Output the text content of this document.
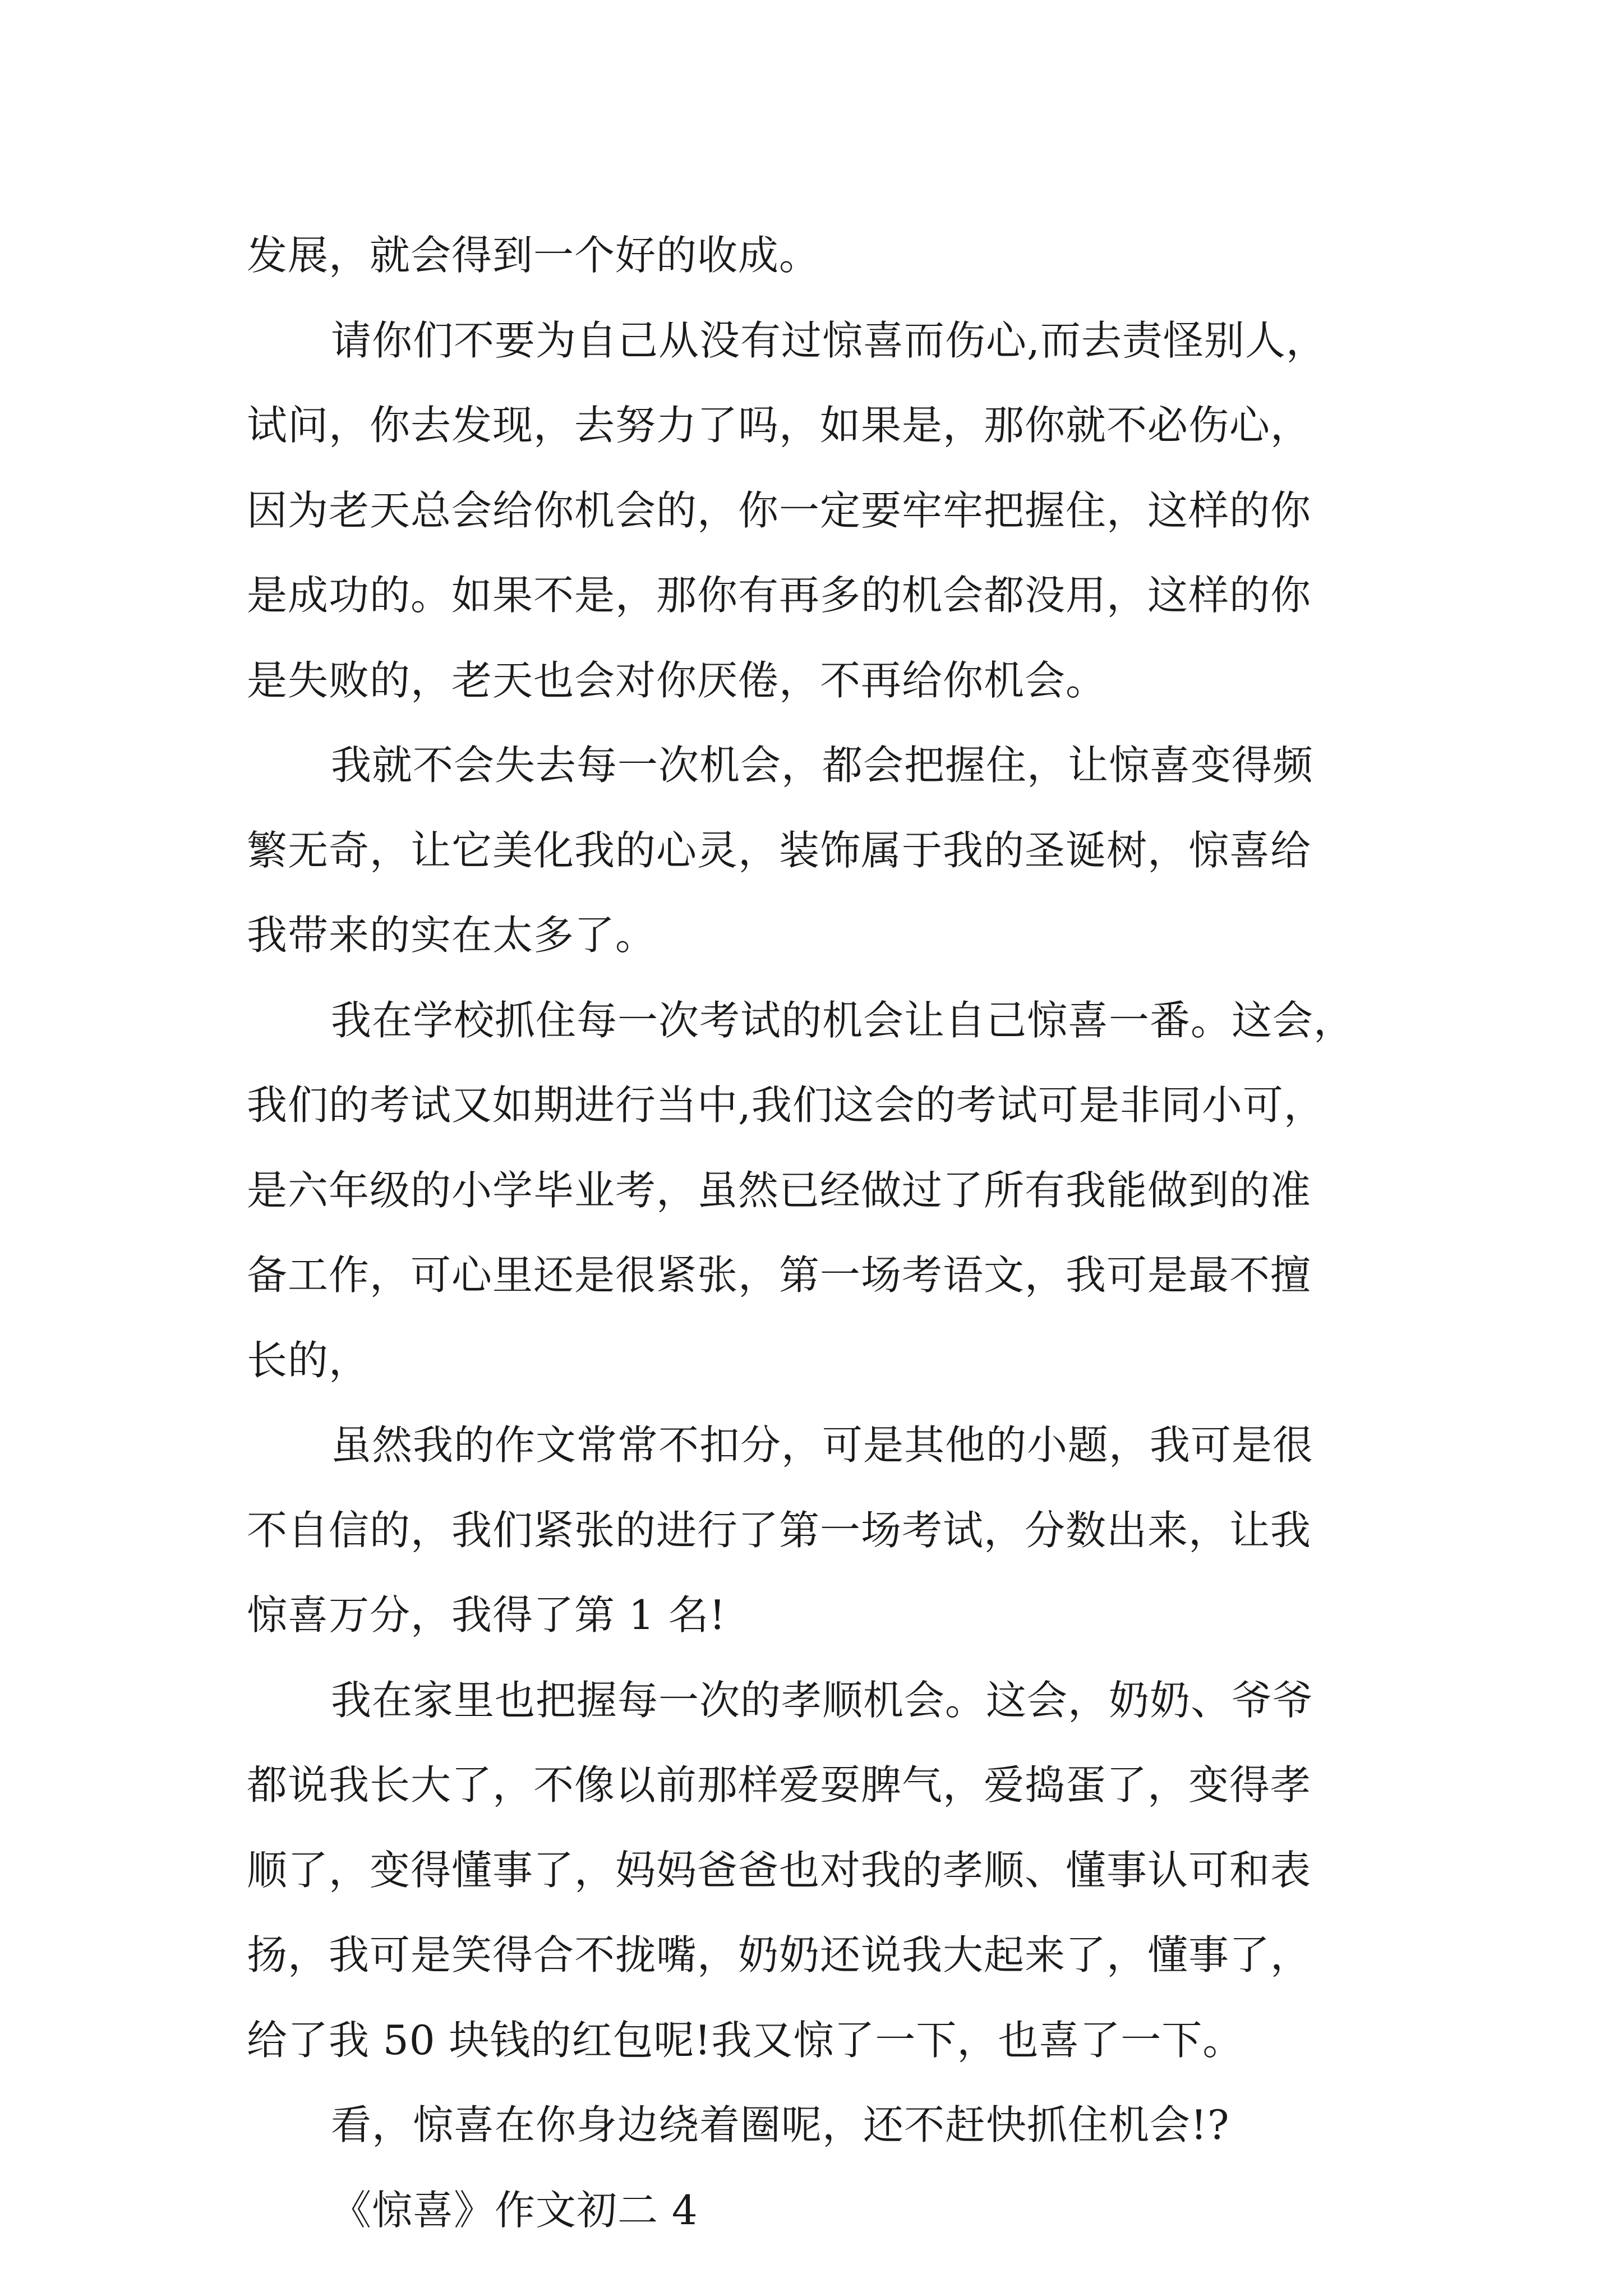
发展，就会得到一个好的收成。
请你们不要为自己从没有过惊喜而伤心,而去责怪别人，
试问，你去发现，去努力了吗，如果是，那你就不必伤心，
因为老天总会给你机会的，你一定要牢牢把握住，这样的你
是成功的。如果不是，那你有再多的机会都没用，这样的你
是失败的，老天也会对你厌倦，不再给你机会。
我就不会失去每一次机会，都会把握住，让惊喜变得频
繁无奇，让它美化我的心灵，装饰属于我的圣诞树，惊喜给
我带来的实在太多了。
我在学校抓住每一次考试的机会让自己惊喜一番。这会，
我们的考试又如期进行当中,我们这会的考试可是非同小可，
是六年级的小学毕业考，虽然已经做过了所有我能做到的准
备工作，可心里还是很紧张，第一场考语文，我可是最不擅
长的，
虽然我的作文常常不扣分，可是其他的小题，我可是很
不自信的，我们紧张的进行了第一场考试，分数出来，让我
惊喜万分，我得了第 1 名!
我在家里也把握每一次的孝顺机会。这会，奶奶、爷爷
都说我长大了，不像以前那样爱耍脾气，爱捣蛋了，变得孝
顺了，变得懂事了，妈妈爸爸也对我的孝顺、懂事认可和表
扬，我可是笑得合不拢嘴，奶奶还说我大起来了，懂事了，
给了我 50 块钱的红包呢!我又惊了一下，也喜了一下。
看，惊喜在你身边绕着圈呢，还不赶快抓住机会!?
《惊喜》作文初二 4
